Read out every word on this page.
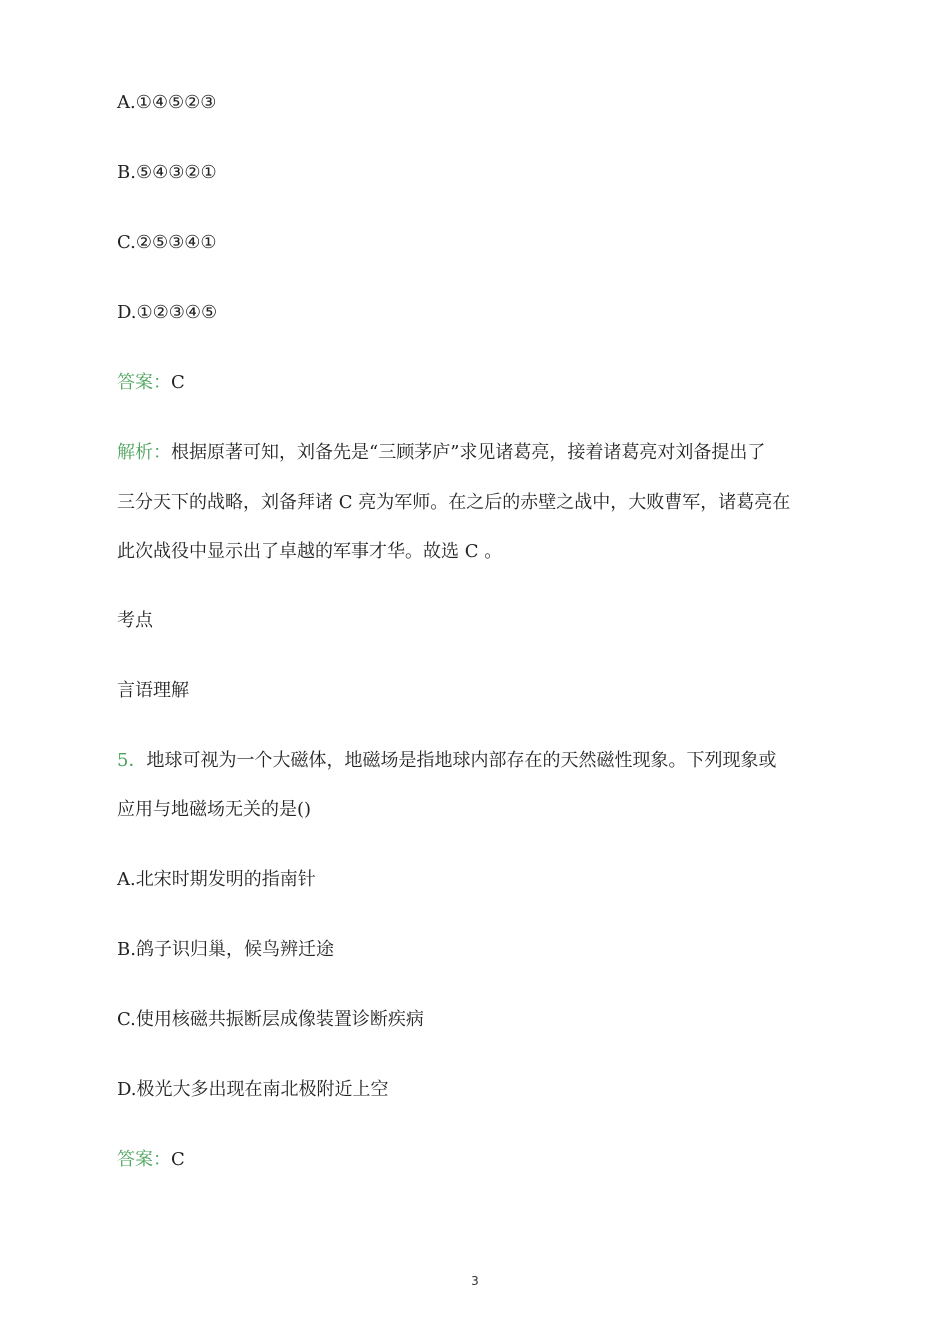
A.①④⑤②③
B.⑤④③②①
C.②⑤③④①
D.①②③④⑤
答案：C
解析：根据原著可知，刘备先是“三顾茅庐”求见诸葛亮，接着诸葛亮对刘备提出了
三分天下的战略，刘备拜诸 C 亮为军师。在之后的赤壁之战中，大败曹军，诸葛亮在
此次战役中显示出了卓越的军事才华。故选 C 。
考点
言语理解
5．地球可视为一个大磁体，地磁场是指地球内部存在的天然磁性现象。下列现象或
应用与地磁场无关的是()
A.北宋时期发明的指南针
B.鸽子识归巢，候鸟辨迁途
C.使用核磁共振断层成像装置诊断疾病
D.极光大多出现在南北极附近上空
答案：C
3
